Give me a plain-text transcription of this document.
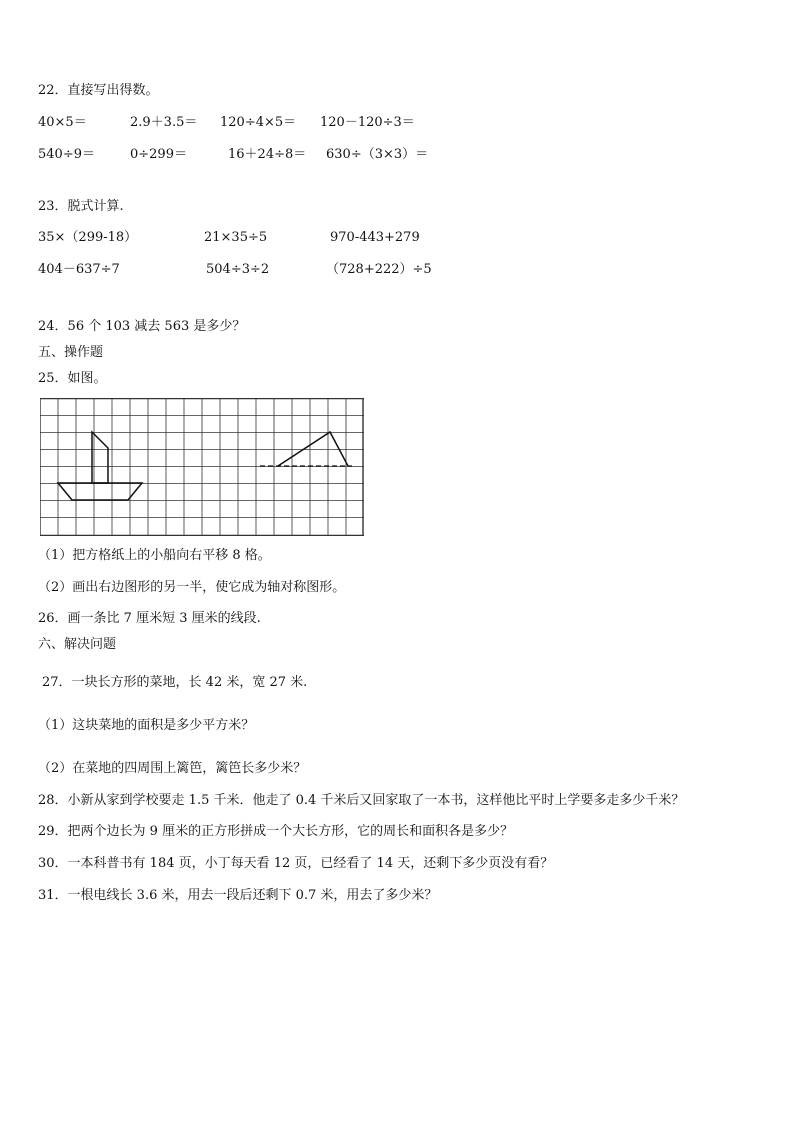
22．直接写出得数。
40×5＝	2.9＋3.5＝ 120÷4×5＝ 120－120÷3＝
540÷9＝	0÷299＝	16＋24÷8＝ 630÷（3×3）＝
23．脱式计算.
35×（299-18）	21×35÷5	970-443+279
404－637÷7	504÷3÷2	（728+222）÷5
24．56 个 103 减去 563 是多少？
五、操作题
25．如图。
（1）把方格纸上的小船向右平移 8 格。
（2）画出右边图形的另一半，使它成为轴对称图形。
26．画一条比 7 厘米短 3 厘米的线段.
六、解决问题
27．一块长方形的菜地，长 42 米，宽 27 米.
（1）这块菜地的面积是多少平方米？
（2）在菜地的四周围上篱笆，篱笆长多少米？
28．小新从家到学校要走 1.5 千米．他走了 0.4 千米后又回家取了一本书，这样他比平时上学要多走多少千米？
29．把两个边长为 9 厘米的正方形拼成一个大长方形，它的周长和面积各是多少？
30．一本科普书有 184 页，小丁每天看 12 页，已经看了 14 天，还剩下多少页没有看？
31．一根电线长 3.6 米，用去一段后还剩下 0.7 米，用去了多少米？
